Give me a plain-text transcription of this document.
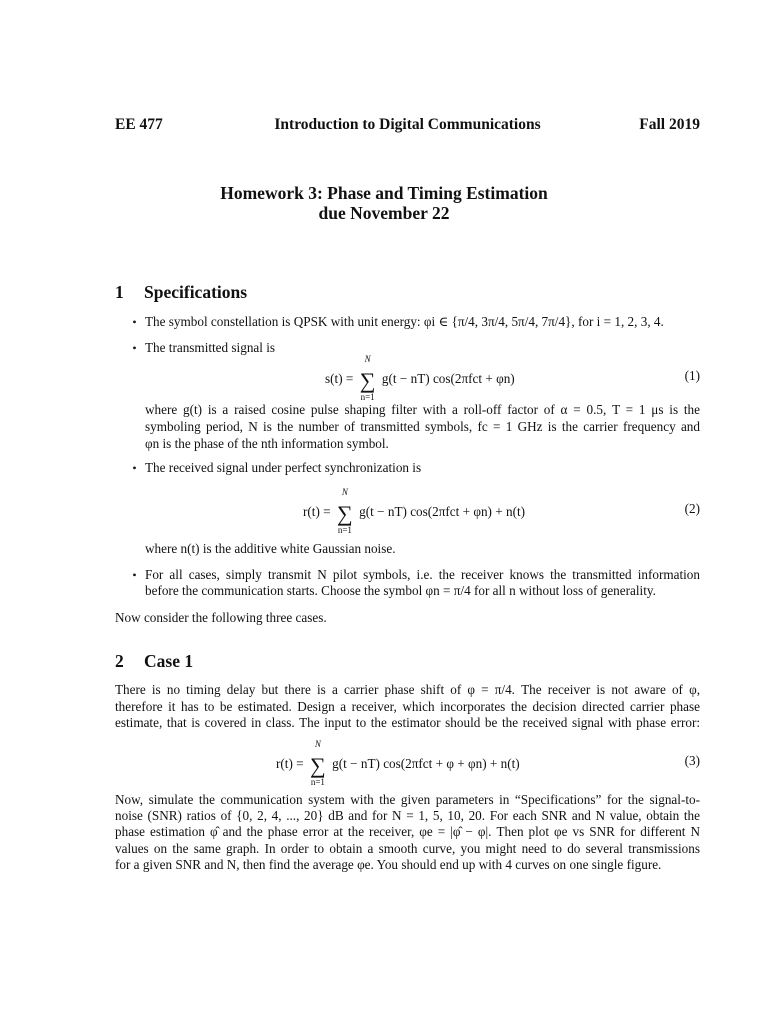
EE 477	Introduction to Digital Communications	Fall 2019
Homework 3: Phase and Timing Estimation
due November 22
1 Specifications
• The symbol constellation is QPSK with unit energy: φi ∈ {π/4, 3π/4, 5π/4, 7π/4}, for i = 1, 2, 3, 4.
• The transmitted signal is
s(t) = ∑
N
n=1
g(t − nT) cos(2πfct + φn)	(1)
where g(t) is a raised cosine pulse shaping filter with a roll-off factor of α = 0.5, T = 1 μs is the
symboling period, N is the number of transmitted symbols, fc = 1 GHz is the carrier frequency and
φn is the phase of the nth information symbol.
• The received signal under perfect synchronization is
r(t) = ∑
N
n=1
g(t − nT) cos(2πfct + φn) + n(t)	(2)
where n(t) is the additive white Gaussian noise.
• For all cases, simply transmit N pilot symbols, i.e. the receiver knows the transmitted information
before the communication starts. Choose the symbol φn = π/4 for all n without loss of generality.
Now consider the following three cases.
2 Case 1
There is no timing delay but there is a carrier phase shift of φ = π/4. The receiver is not aware of φ,
therefore it has to be estimated. Design a receiver, which incorporates the decision directed carrier phase
estimate, that is covered in class. The input to the estimator should be the received signal with phase error:
r(t) = ∑
N
n=1
g(t − nT) cos(2πfct + φ + φn) + n(t)	(3)
Now, simulate the communication system with the given parameters in “Specifications” for the signal-to-
noise (SNR) ratios of {0, 2, 4, ..., 20} dB and for N = 1, 5, 10, 20. For each SNR and N value, obtain the
phase estimation φ̂ and the phase error at the receiver, φe = |φ̂ − φ|. Then plot φe vs SNR for different N
values on the same graph. In order to obtain a smooth curve, you might need to do several transmissions
for a given SNR and N, then find the average φe. You should end up with 4 curves on one single figure.
